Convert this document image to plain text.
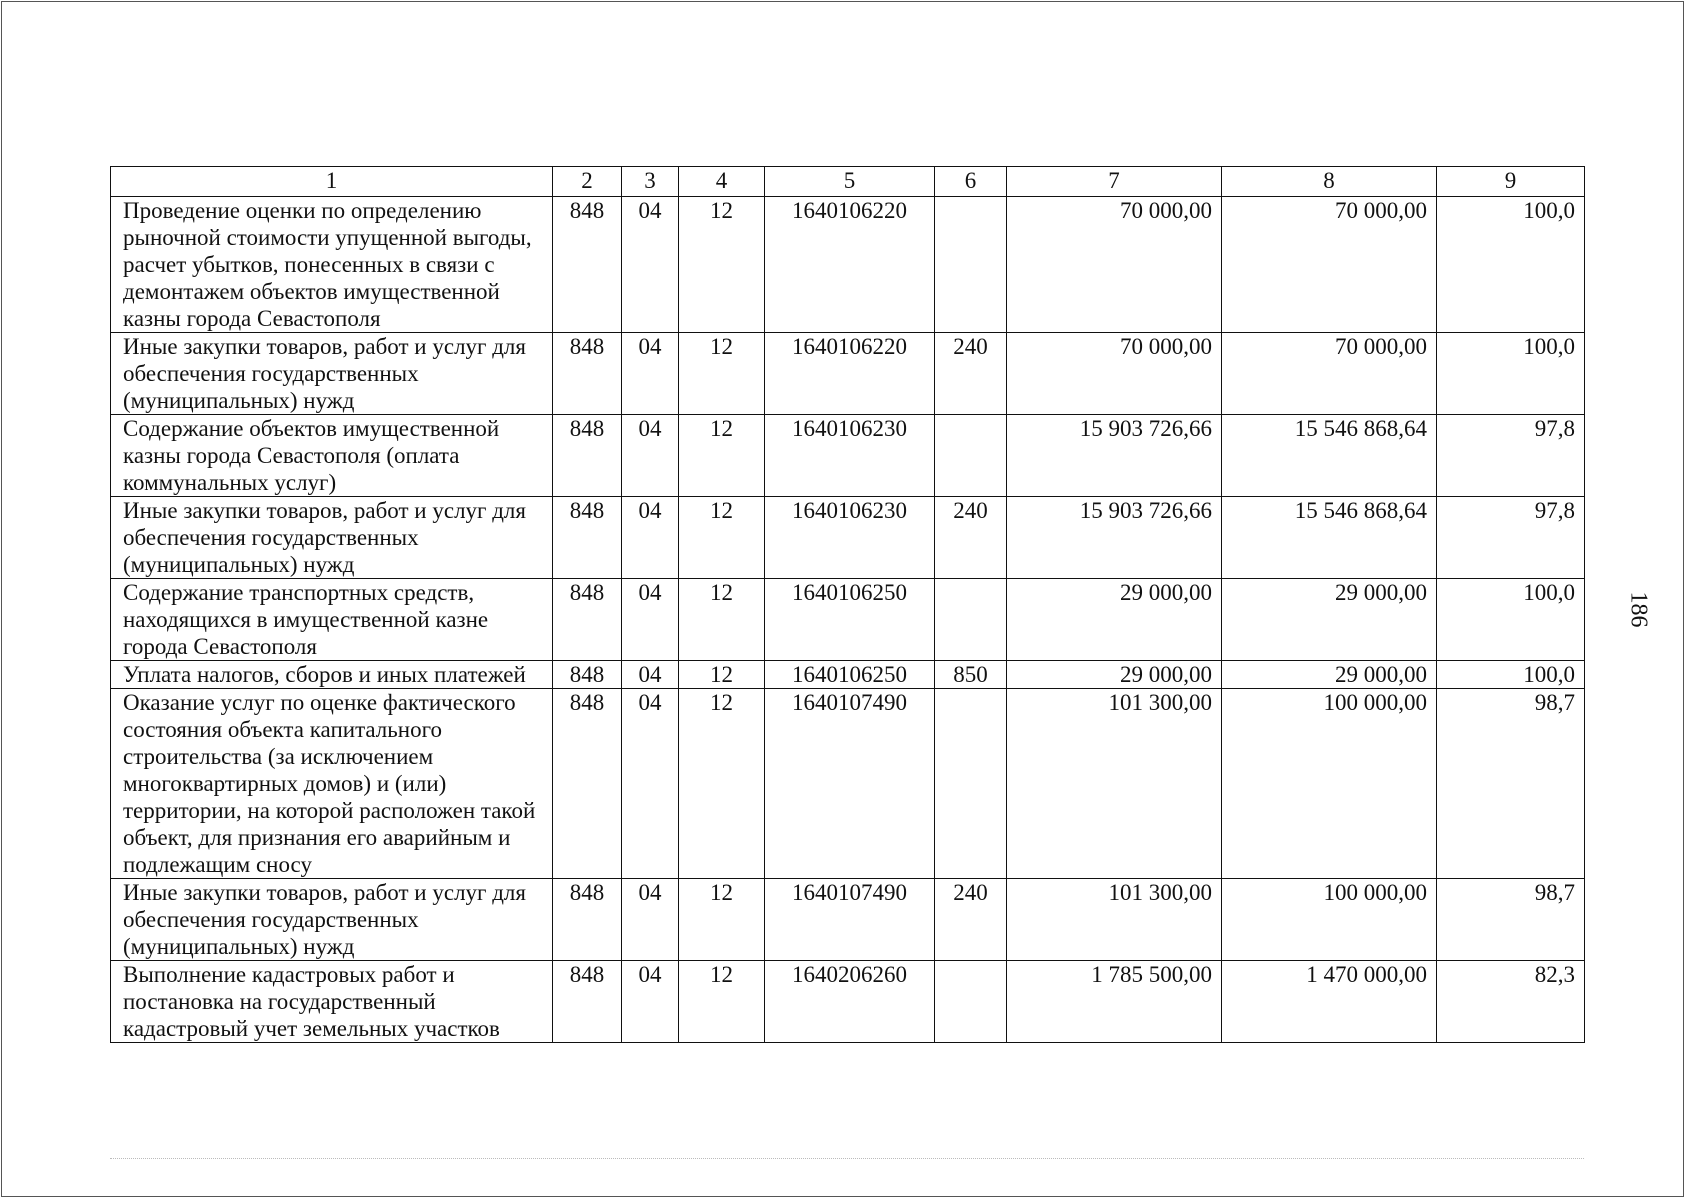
1	2	3	4	5	6	7	8	9
Проведение оценки по определению рыночной стоимости упущенной выгоды, расчет убытков, понесенных в связи с демонтажем объектов имущественной казны города Севастополя	848	04	12	1640106220		70 000,00	70 000,00	100,0
Иные закупки товаров, работ и услуг для обеспечения государственных (муниципальных) нужд	848	04	12	1640106220	240	70 000,00	70 000,00	100,0
Содержание объектов имущественной казны города Севастополя (оплата коммунальных услуг)	848	04	12	1640106230		15 903 726,66	15 546 868,64	97,8
Иные закупки товаров, работ и услуг для обеспечения государственных (муниципальных) нужд	848	04	12	1640106230	240	15 903 726,66	15 546 868,64	97,8
Содержание транспортных средств, находящихся в имущественной казне города Севастополя	848	04	12	1640106250		29 000,00	29 000,00	100,0
Уплата налогов, сборов и иных платежей	848	04	12	1640106250	850	29 000,00	29 000,00	100,0
Оказание услуг по оценке фактического состояния объекта капитального строительства (за исключением многоквартирных домов) и (или) территории, на которой расположен такой объект, для признания его аварийным и подлежащим сносу	848	04	12	1640107490		101 300,00	100 000,00	98,7
Иные закупки товаров, работ и услуг для обеспечения государственных (муниципальных) нужд	848	04	12	1640107490	240	101 300,00	100 000,00	98,7
Выполнение кадастровых работ и постановка на государственный кадастровый учет земельных участков	848	04	12	1640206260		1 785 500,00	1 470 000,00	82,3
186
